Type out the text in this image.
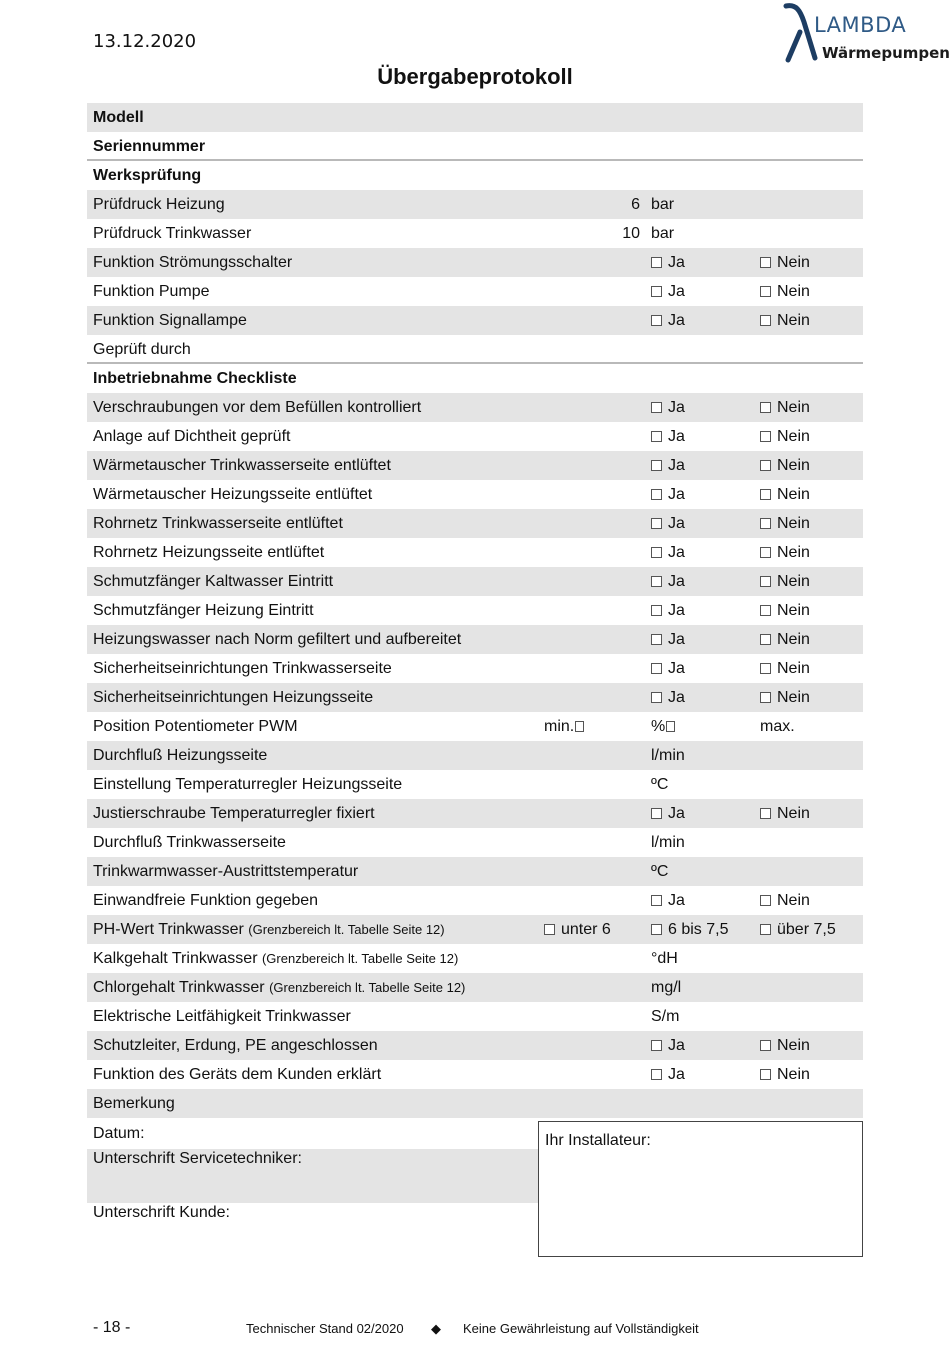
13.12.2020
LAMBDA
Wärmepumpen
Übergabeprotokoll
Modell
Seriennummer
Werksprüfung
Prüfdruck Heizung	6 bar
Prüfdruck Trinkwasser	10 bar
Funktion Strömungsschalter	Ja	Nein
Funktion Pumpe	Ja	Nein
Funktion Signallampe	Ja	Nein
Geprüft durch
Inbetriebnahme Checkliste
Verschraubungen vor dem Befüllen kontrolliert	Ja	Nein
Anlage auf Dichtheit geprüft	Ja	Nein
Wärmetauscher Trinkwasserseite entlüftet	Ja	Nein
Wärmetauscher Heizungsseite entlüftet	Ja	Nein
Rohrnetz Trinkwasserseite entlüftet	Ja	Nein
Rohrnetz Heizungsseite entlüftet	Ja	Nein
Schmutzfänger Kaltwasser Eintritt	Ja	Nein
Schmutzfänger Heizung Eintritt	Ja	Nein
Heizungswasser nach Norm gefiltert und aufbereitet	Ja	Nein
Sicherheitseinrichtungen Trinkwasserseite	Ja	Nein
Sicherheitseinrichtungen Heizungsseite	Ja	Nein
Position Potentiometer PWM	min.	%	max.
Durchfluß Heizungsseite	l/min
Einstellung Temperaturregler Heizungsseite	ºC
Justierschraube Temperaturregler fixiert	Ja	Nein
Durchfluß Trinkwasserseite	l/min
Trinkwarmwasser-Austrittstemperatur	ºC
Einwandfreie Funktion gegeben	Ja	Nein
PH-Wert Trinkwasser (Grenzbereich lt. Tabelle Seite 12)	unter 6	6 bis 7,5	über 7,5
Kalkgehalt Trinkwasser (Grenzbereich lt. Tabelle Seite 12)	°dH
Chlorgehalt Trinkwasser (Grenzbereich lt. Tabelle Seite 12)	mg/l
Elektrische Leitfähigkeit Trinkwasser	S/m
Schutzleiter, Erdung, PE angeschlossen	Ja	Nein
Funktion des Geräts dem Kunden erklärt	Ja	Nein
Bemerkung
Datum:
Unterschrift Servicetechniker:
Unterschrift Kunde:
Ihr Installateur:
- 18 -	Technischer Stand 02/2020 ◆ Keine Gewährleistung auf Vollständigkeit
